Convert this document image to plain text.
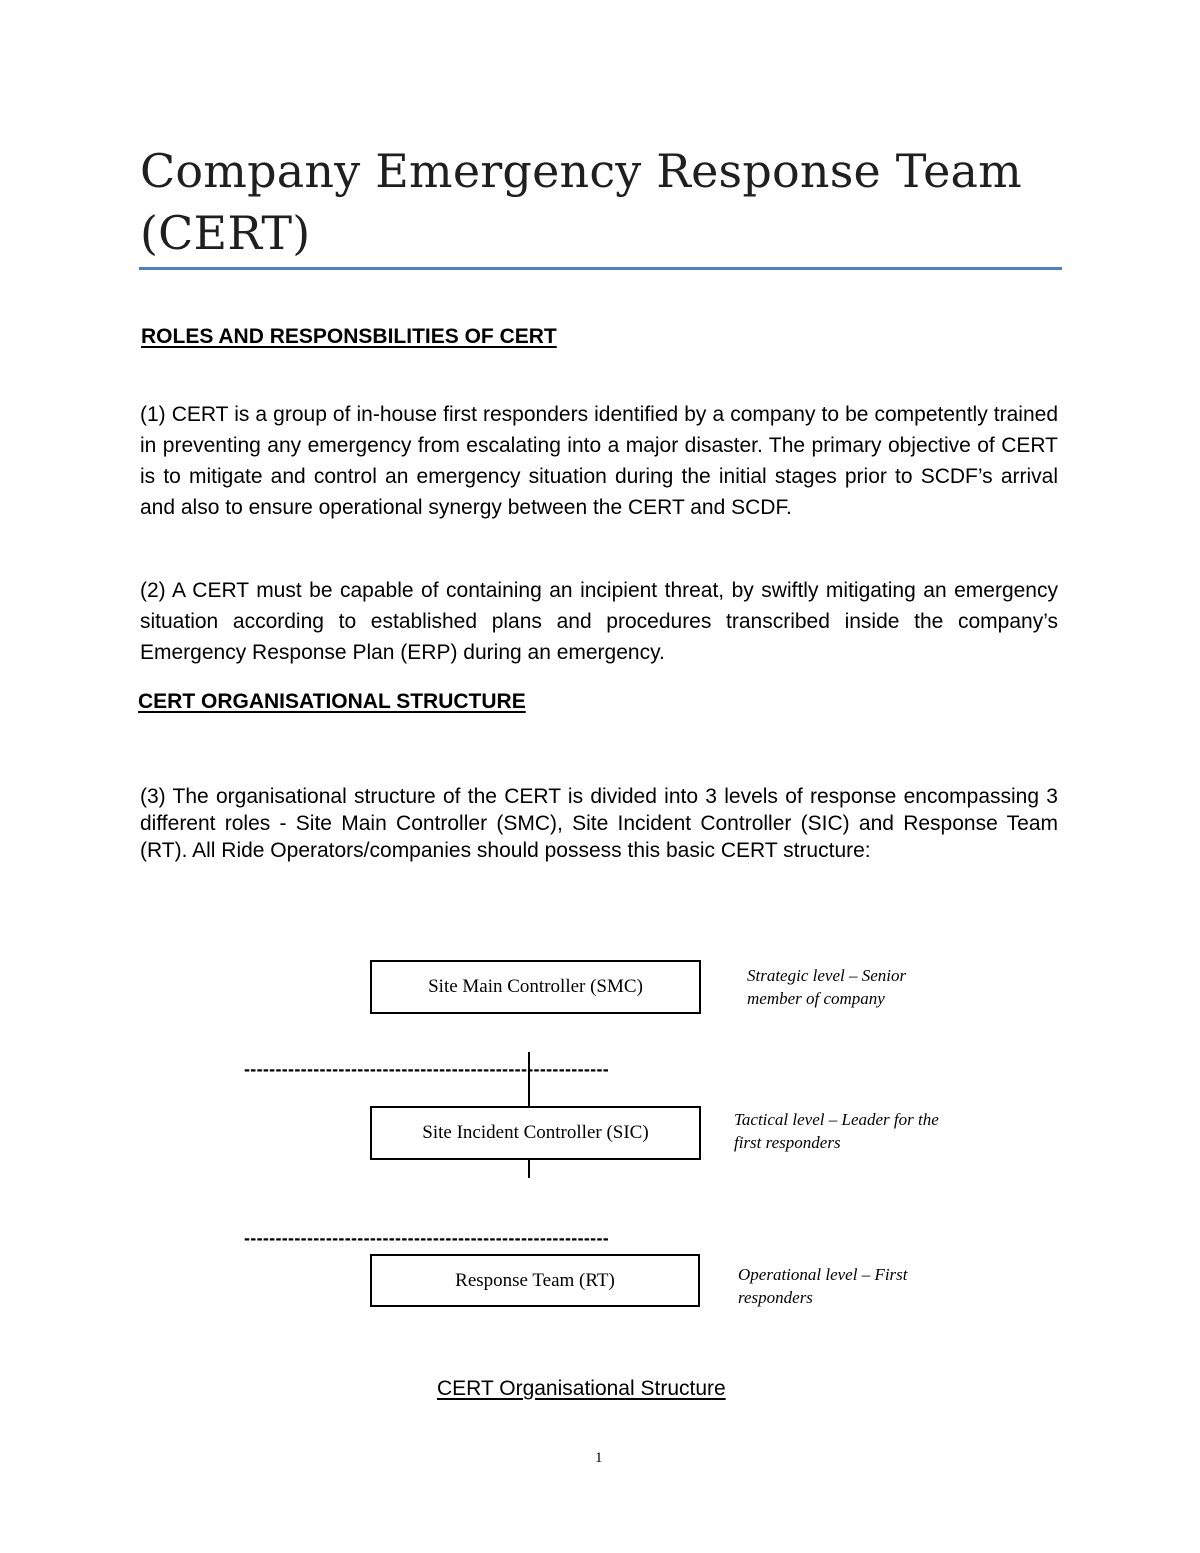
Company Emergency Response Team (CERT)
ROLES AND RESPONSBILITIES OF CERT
(1) CERT is a group of in-house first responders identified by a company to be competently trained in preventing any emergency from escalating into a major disaster. The primary objective of CERT is to mitigate and control an emergency situation during the initial stages prior to SCDF’s arrival and also to ensure operational synergy between the CERT and SCDF.
(2) A CERT must be capable of containing an incipient threat, by swiftly mitigating an emergency situation according to established plans and procedures transcribed inside the company’s Emergency Response Plan (ERP) during an emergency.
CERT ORGANISATIONAL STRUCTURE
(3) The organisational structure of the CERT is divided into 3 levels of response encompassing 3 different roles - Site Main Controller (SMC), Site Incident Controller (SIC) and Response Team (RT). All Ride Operators/companies should possess this basic CERT structure:
Site Main Controller (SMC)
Strategic level – Senior member of company
----------------------------------------------------------
Site Incident Controller (SIC)
Tactical level – Leader for the first responders
----------------------------------------------------------
Response Team (RT)	Operational level – First responders
CERT Organisational Structure
1
